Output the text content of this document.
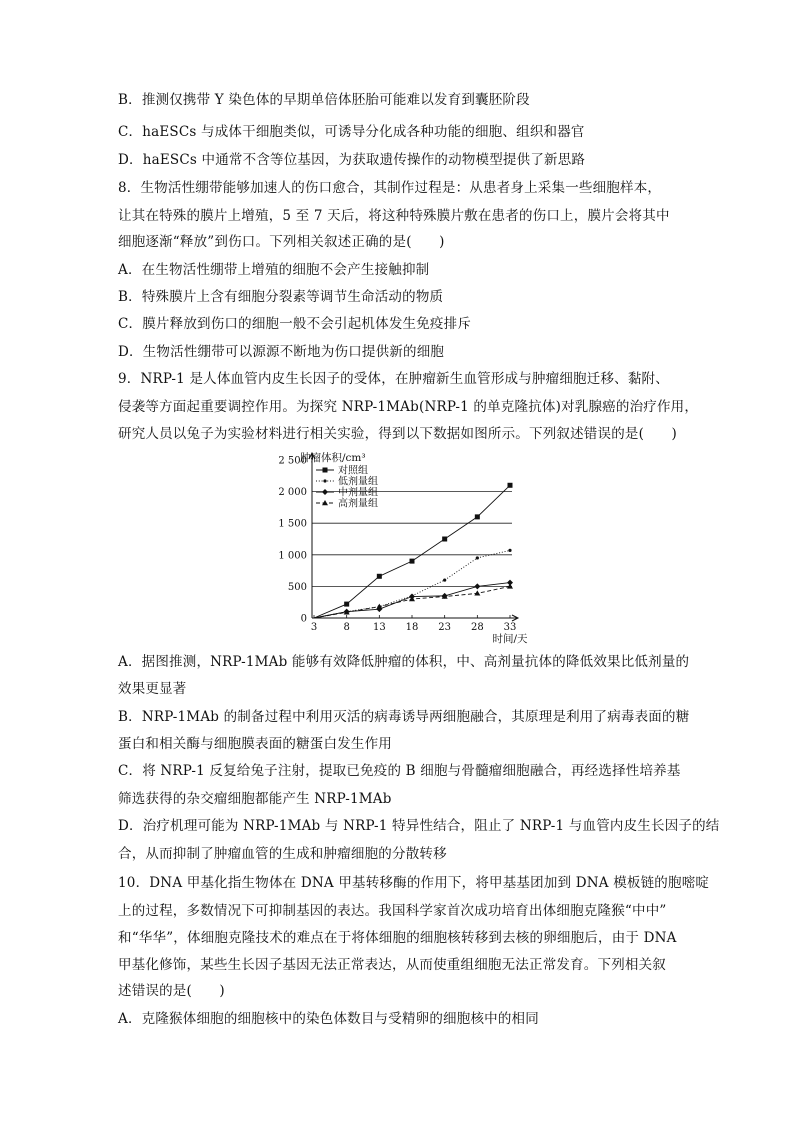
B．推测仅携带 Y 染色体的早期单倍体胚胎可能难以发育到囊胚阶段
C．haESCs 与成体干细胞类似，可诱导分化成各种功能的细胞、组织和器官
D．haESCs 中通常不含等位基因，为获取遗传操作的动物模型提供了新思路
8．生物活性绷带能够加速人的伤口愈合，其制作过程是：从患者身上采集一些细胞样本，
让其在特殊的膜片上增殖，5 至 7 天后，将这种特殊膜片敷在患者的伤口上，膜片会将其中
细胞逐渐“释放”到伤口。下列相关叙述正确的是(　　)
A．在生物活性绷带上增殖的细胞不会产生接触抑制
B．特殊膜片上含有细胞分裂素等调节生命活动的物质
C．膜片释放到伤口的细胞一般不会引起机体发生免疫排斥
D．生物活性绷带可以源源不断地为伤口提供新的细胞
9．NRP-1 是人体血管内皮生长因子的受体，在肿瘤新生血管形成与肿瘤细胞迁移、黏附、
侵袭等方面起重要调控作用。为探究 NRP-1MAb(NRP-1 的单克隆抗体)对乳腺癌的治疗作用，
研究人员以兔子为实验材料进行相关实验，得到以下数据如图所示。下列叙述错误的是(　　)
0
500
1 000
1 500
2 000
2 500
3	8 13 18 23 28 33
对照组
低剂量组
中剂量组
高剂量组
肿瘤体积/cm³
时间/天
A．据图推测，NRP-1MAb 能够有效降低肿瘤的体积，中、高剂量抗体的降低效果比低剂量的
效果更显著
B．NRP-1MAb 的制备过程中利用灭活的病毒诱导两细胞融合，其原理是利用了病毒表面的糖
蛋白和相关酶与细胞膜表面的糖蛋白发生作用
C．将 NRP-1 反复给兔子注射，提取已免疫的 B 细胞与骨髓瘤细胞融合，再经选择性培养基
筛选获得的杂交瘤细胞都能产生 NRP-1MAb
D．治疗机理可能为 NRP-1MAb 与 NRP-1 特异性结合，阻止了 NRP-1 与血管内皮生长因子的结
合，从而抑制了肿瘤血管的生成和肿瘤细胞的分散转移
10．DNA 甲基化指生物体在 DNA 甲基转移酶的作用下，将甲基基团加到 DNA 模板链的胞嘧啶
上的过程，多数情况下可抑制基因的表达。我国科学家首次成功培育出体细胞克隆猴“中中”
和“华华”，体细胞克隆技术的难点在于将体细胞的细胞核转移到去核的卵细胞后，由于 DNA
甲基化修饰，某些生长因子基因无法正常表达，从而使重组细胞无法正常发育。下列相关叙
述错误的是(　　)
A．克隆猴体细胞的细胞核中的染色体数目与受精卵的细胞核中的相同
